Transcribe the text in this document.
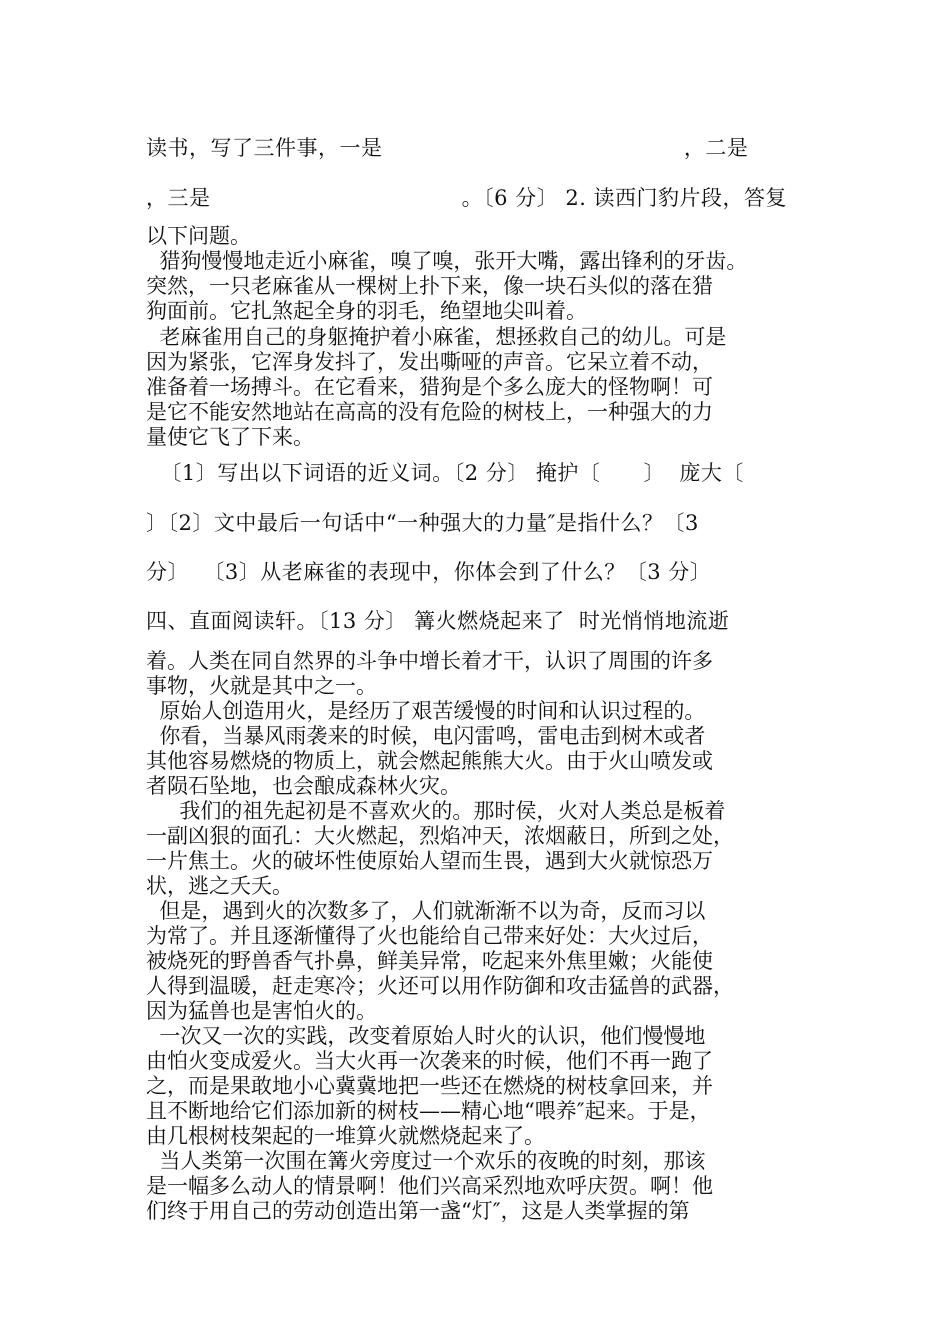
读书，写了三件事，一是                                          ，二是
，三是                                   。〔6 分〕 2. 读西门豹片段，答复
以下问题。
猎狗慢慢地走近小麻雀，嗅了嗅，张开大嘴，露出锋利的牙齿。
突然，一只老麻雀从一棵树上扑下来，像一块石头似的落在猎
狗面前。它扎煞起全身的羽毛，绝望地尖叫着。
老麻雀用自己的身躯掩护着小麻雀，想拯救自己的幼儿。可是
因为紧张，它浑身发抖了，发出嘶哑的声音。它呆立着不动，
准备着一场搏斗。在它看来，猎狗是个多么庞大的怪物啊！可
是它不能安然地站在高高的没有危险的树枝上，一种强大的力
量使它飞了下来。
〔1〕写出以下词语的近义词。〔2 分〕 掩护〔      〕  庞大〔
〕〔2〕文中最后一句话中“一种强大的力量″是指什么？〔3
分〕  〔3〕从老麻雀的表现中，你体会到了什么？〔3 分〕
四、直面阅读轩。〔13 分〕 篝火燃烧起来了  时光悄悄地流逝
着。人类在同自然界的斗争中增长着才干，认识了周围的许多
事物，火就是其中之一。
原始人创造用火，是经历了艰苦缓慢的时间和认识过程的。
你看，当暴风雨袭来的时候，电闪雷鸣，雷电击到树木或者
其他容易燃烧的物质上，就会燃起熊熊大火。由于火山喷发或
者陨石坠地，也会酿成森林火灾。
我们的祖先起初是不喜欢火的。那时侯，火对人类总是板着
一副凶狠的面孔：大火燃起，烈焰冲天，浓烟蔽日，所到之处，
一片焦土。火的破坏性使原始人望而生畏，遇到大火就惊恐万
状，逃之夭夭。
但是，遇到火的次数多了，人们就渐渐不以为奇，反而习以
为常了。并且逐渐懂得了火也能给自己带来好处：大火过后，
被烧死的野兽香气扑鼻，鲜美异常，吃起来外焦里嫩；火能使
人得到温暖，赶走寒冷；火还可以用作防御和攻击猛兽的武器，
因为猛兽也是害怕火的。
一次又一次的实践，改变着原始人时火的认识，他们慢慢地
由怕火变成爱火。当大火再一次袭来的时候，他们不再一跑了
之，而是果敢地小心冀冀地把一些还在燃烧的树枝拿回来，并
且不断地给它们添加新的树枝——精心地“喂养″起来。于是，
由几根树枝架起的一堆算火就燃烧起来了。
当人类第一次围在篝火旁度过一个欢乐的夜晚的时刻，那该
是一幅多么动人的情景啊！他们兴高采烈地欢呼庆贺。啊！他
们终于用自己的劳动创造出第一盏“灯″，这是人类掌握的第
